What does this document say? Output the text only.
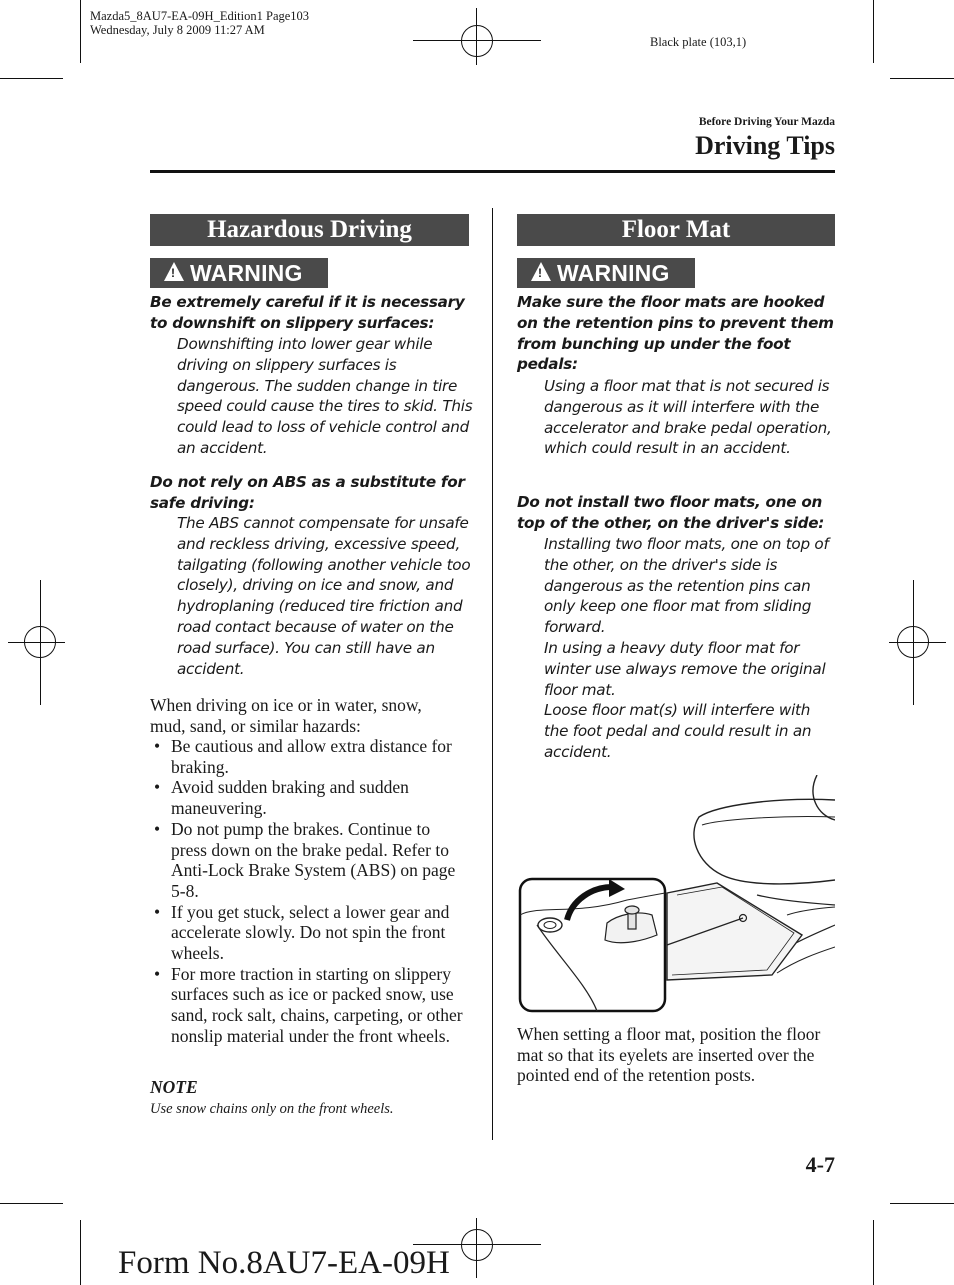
Mazda5_8AU7-EA-09H_Edition1 Page103
Wednesday, July 8 2009 11:27 AM
Black plate (103,1)
Before Driving Your Mazda
Driving Tips
Hazardous Driving
! WARNING
Be extremely careful if it is necessary to downshift on slippery surfaces:
Downshifting into lower gear while driving on slippery surfaces is dangerous. The sudden change in tire speed could cause the tires to skid. This could lead to loss of vehicle control and an accident.
Do not rely on ABS as a substitute for safe driving:
The ABS cannot compensate for unsafe and reckless driving, excessive speed, tailgating (following another vehicle too closely), driving on ice and snow, and hydroplaning (reduced tire friction and road contact because of water on the road surface). You can still have an accident.
When driving on ice or in water, snow, mud, sand, or similar hazards:
• Be cautious and allow extra distance for braking.
• Avoid sudden braking and sudden maneuvering.
• Do not pump the brakes. Continue to press down on the brake pedal. Refer to Anti-Lock Brake System (ABS) on page 5-8.
• If you get stuck, select a lower gear and accelerate slowly. Do not spin the front wheels.
• For more traction in starting on slippery surfaces such as ice or packed snow, use sand, rock salt, chains, carpeting, or other nonslip material under the front wheels.
NOTE
Use snow chains only on the front wheels.
Floor Mat
! WARNING
Make sure the floor mats are hooked on the retention pins to prevent them from bunching up under the foot pedals:
Using a floor mat that is not secured is dangerous as it will interfere with the accelerator and brake pedal operation, which could result in an accident.
Do not install two floor mats, one on top of the other, on the driver's side:
Installing two floor mats, one on top of the other, on the driver's side is dangerous as the retention pins can only keep one floor mat from sliding forward.
In using a heavy duty floor mat for winter use always remove the original floor mat.
Loose floor mat(s) will interfere with the foot pedal and could result in an accident.
When setting a floor mat, position the floor mat so that its eyelets are inserted over the pointed end of the retention posts.
4-7
Form No.8AU7-EA-09H
